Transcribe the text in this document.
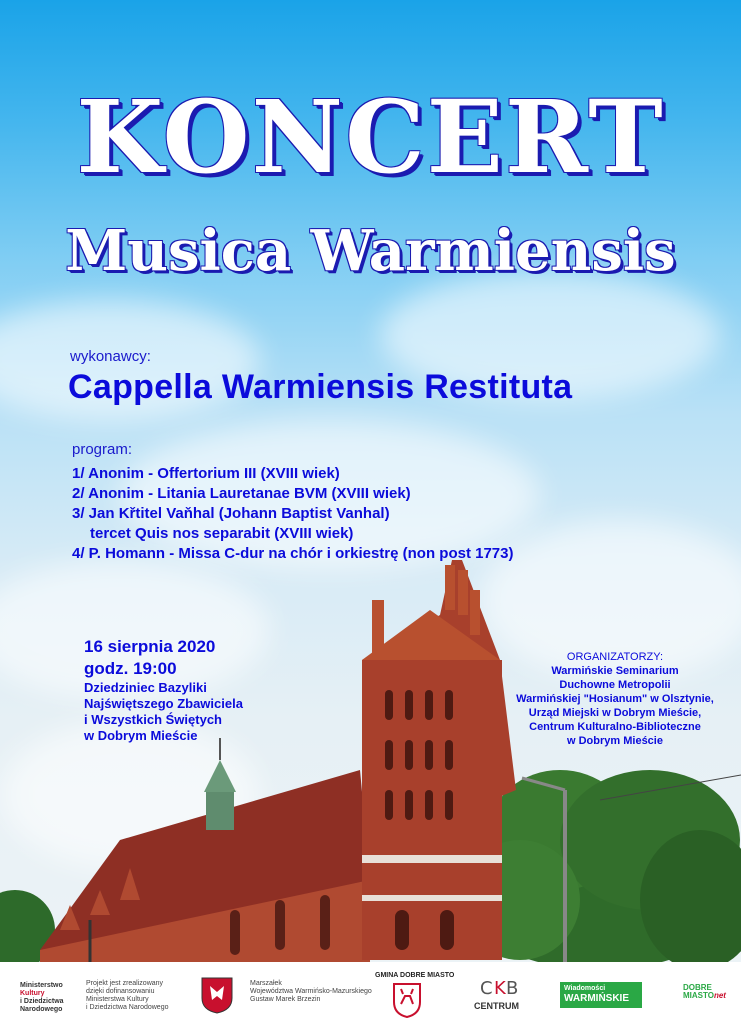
KONCERT
Musica Warmiensis
wykonawcy:
Cappella Warmiensis Restituta
program:
1/ Anonim - Offertorium III (XVIII wiek)
2/ Anonim - Litania Lauretanae BVM (XVIII wiek)
3/ Jan Křtitel Vaňhal (Johann Baptist Vanhal)
tercet Quis nos separabit (XVIII wiek)
4/ P. Homann - Missa C-dur na chór i orkiestrę (non post 1773)
16 sierpnia 2020
godz. 19:00
Dziedziniec Bazyliki
Najświętszego Zbawiciela
i Wszystkich Świętych
w Dobrym Mieście
ORGANIZATORZY:
Warmińskie Seminarium
Duchowne Metropolii
Warmińskiej "Hosianum" w Olsztynie,
Urząd Miejski w Dobrym Mieście,
Centrum Kulturalno-Biblioteczne
w Dobrym Mieście
Ministerstwo
Kultury
i Dziedzictwa
Narodowego
Projekt jest zrealizowany
dzięki dofinansowaniu
Ministerstwa Kultury
i Dziedzictwa Narodowego
Marszałek
Województwa Warmińsko-Mazurskiego
Gustaw Marek Brzezin
GMINA DOBRE MIASTO
C K B
CENTRUM
Wiadomości
WARMIŃSKIE
DOBRE
MIASTOnet
